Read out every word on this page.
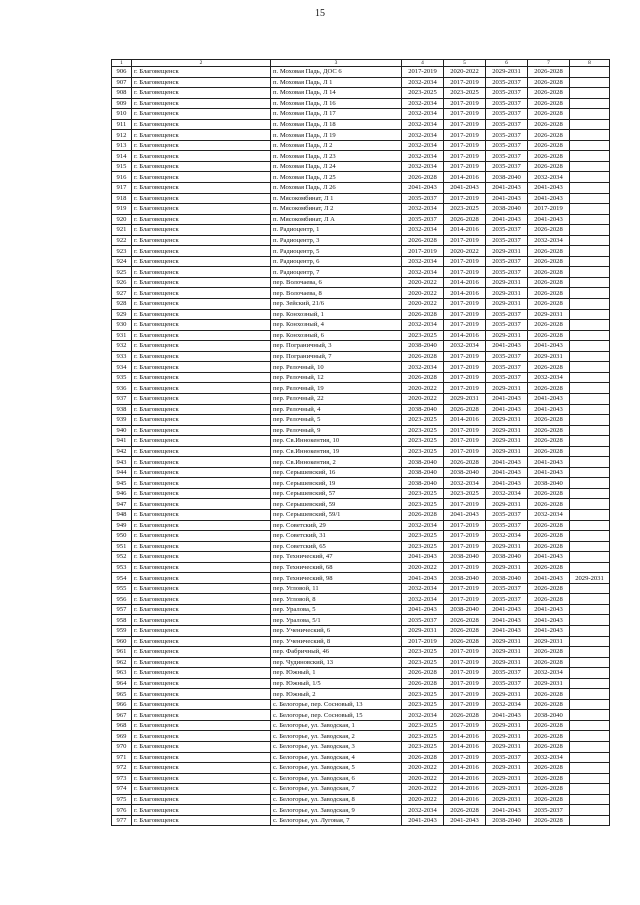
15
1	2	3	4	5	6	7	8
906	г. Благовещенск	п. Моховая Падь, ДОС 6	2017-2019	2020-2022	2029-2031	2026-2028	
907	г. Благовещенск	п. Моховая Падь, Л 1	2032-2034	2017-2019	2035-2037	2026-2028	
908	г. Благовещенск	п. Моховая Падь, Л 14	2023-2025	2023-2025	2035-2037	2026-2028	
909	г. Благовещенск	п. Моховая Падь, Л 16	2032-2034	2017-2019	2035-2037	2026-2028	
910	г. Благовещенск	п. Моховая Падь, Л 17	2032-2034	2017-2019	2035-2037	2026-2028	
911	г. Благовещенск	п. Моховая Падь, Л 18	2032-2034	2017-2019	2035-2037	2026-2028	
912	г. Благовещенск	п. Моховая Падь, Л 19	2032-2034	2017-2019	2035-2037	2026-2028	
913	г. Благовещенск	п. Моховая Падь, Л 2	2032-2034	2017-2019	2035-2037	2026-2028	
914	г. Благовещенск	п. Моховая Падь, Л 23	2032-2034	2017-2019	2035-2037	2026-2028	
915	г. Благовещенск	п. Моховая Падь, Л 24	2032-2034	2017-2019	2035-2037	2026-2028	
916	г. Благовещенск	п. Моховая Падь, Л 25	2026-2028	2014-2016	2038-2040	2032-2034	
917	г. Благовещенск	п. Моховая Падь, Л 26	2041-2043	2041-2043	2041-2043	2041-2043	
918	г. Благовещенск	п. Мясокомбинат, Л 1	2035-2037	2017-2019	2041-2043	2041-2043	
919	г. Благовещенск	п. Мясокомбинат, Л 2	2032-2034	2023-2025	2038-2040	2017-2019	
920	г. Благовещенск	п. Мясокомбинат, Л А	2035-2037	2026-2028	2041-2043	2041-2043	
921	г. Благовещенск	п. Радиоцентр, 1	2032-2034	2014-2016	2035-2037	2026-2028	
922	г. Благовещенск	п. Радиоцентр, 3	2026-2028	2017-2019	2035-2037	2032-2034	
923	г. Благовещенск	п. Радиоцентр, 5	2017-2019	2020-2022	2029-2031	2026-2028	
924	г. Благовещенск	п. Радиоцентр, 6	2032-2034	2017-2019	2035-2037	2026-2028	
925	г. Благовещенск	п. Радиоцентр, 7	2032-2034	2017-2019	2035-2037	2026-2028	
926	г. Благовещенск	пер. Волочаева, 6	2020-2022	2014-2016	2029-2031	2026-2028	
927	г. Благовещенск	пер. Волочаева, 8	2020-2022	2014-2016	2029-2031	2026-2028	
928	г. Благовещенск	пер. Зейский, 21/6	2020-2022	2017-2019	2029-2031	2026-2028	
929	г. Благовещенск	пер. Конхозный, 1	2026-2028	2017-2019	2035-2037	2029-2031	
930	г. Благовещенск	пер. Конхозный, 4	2032-2034	2017-2019	2035-2037	2026-2028	
931	г. Благовещенск	пер. Конхозный, 6	2023-2025	2014-2016	2029-2031	2026-2028	
932	г. Благовещенск	пер. Пограничный, 3	2038-2040	2032-2034	2041-2043	2041-2043	
933	г. Благовещенск	пер. Пограничный, 7	2026-2028	2017-2019	2035-2037	2029-2031	
934	г. Благовещенск	пер. Релочный, 10	2032-2034	2017-2019	2035-2037	2026-2028	
935	г. Благовещенск	пер. Релочный, 12	2026-2028	2017-2019	2035-2037	2032-2034	
936	г. Благовещенск	пер. Релочный, 19	2020-2022	2017-2019	2029-2031	2026-2028	
937	г. Благовещенск	пер. Релочный, 22	2020-2022	2029-2031	2041-2043	2041-2043	
938	г. Благовещенск	пер. Релочный, 4	2038-2040	2026-2028	2041-2043	2041-2043	
939	г. Благовещенск	пер. Релочный, 5	2023-2025	2014-2016	2029-2031	2026-2028	
940	г. Благовещенск	пер. Релочный, 9	2023-2025	2017-2019	2029-2031	2026-2028	
941	г. Благовещенск	пер. Св.Иннокентия, 10	2023-2025	2017-2019	2029-2031	2026-2028	
942	г. Благовещенск	пер. Св.Иннокентия, 19	2023-2025	2017-2019	2029-2031	2026-2028	
943	г. Благовещенск	пер. Св.Иннокентия, 2	2038-2040	2026-2028	2041-2043	2041-2043	
944	г. Благовещенск	пер. Серышевский, 16	2038-2040	2038-2040	2041-2043	2041-2043	
945	г. Благовещенск	пер. Серышевский, 19	2038-2040	2032-2034	2041-2043	2038-2040	
946	г. Благовещенск	пер. Серышевский, 57	2023-2025	2023-2025	2032-2034	2026-2028	
947	г. Благовещенск	пер. Серышевский, 59	2023-2025	2017-2019	2029-2031	2026-2028	
948	г. Благовещенск	пер. Серышевский, 59/1	2026-2028	2041-2043	2035-2037	2032-2034	
949	г. Благовещенск	пер. Советский, 29	2032-2034	2017-2019	2035-2037	2026-2028	
950	г. Благовещенск	пер. Советский, 31	2023-2025	2017-2019	2032-2034	2026-2028	
951	г. Благовещенск	пер. Советский, 65	2023-2025	2017-2019	2029-2031	2026-2028	
952	г. Благовещенск	пер. Технический, 47	2041-2043	2038-2040	2038-2040	2041-2043	
953	г. Благовещенск	пер. Технический, 68	2020-2022	2017-2019	2029-2031	2026-2028	
954	г. Благовещенск	пер. Технический, 98	2041-2043	2038-2040	2038-2040	2041-2043	2029-2031
955	г. Благовещенск	пер. Угловой, 11	2032-2034	2017-2019	2035-2037	2026-2028	
956	г. Благовещенск	пер. Угловой, 8	2032-2034	2017-2019	2035-2037	2026-2028	
957	г. Благовещенск	пер. Уралова, 5	2041-2043	2038-2040	2041-2043	2041-2043	
958	г. Благовещенск	пер. Уралова, 5/1	2035-2037	2026-2028	2041-2043	2041-2043	
959	г. Благовещенск	пер. Ученический, 6	2029-2031	2026-2028	2041-2043	2041-2043	
960	г. Благовещенск	пер. Ученический, 8	2017-2019	2026-2028	2029-2031	2029-2031	
961	г. Благовещенск	пер. Фабричный, 46	2023-2025	2017-2019	2029-2031	2026-2028	
962	г. Благовещенск	пер. Чудиновский, 13	2023-2025	2017-2019	2029-2031	2026-2028	
963	г. Благовещенск	пер. Южный, 1	2026-2028	2017-2019	2035-2037	2032-2034	
964	г. Благовещенск	пер. Южный, 1/5	2026-2028	2017-2019	2035-2037	2029-2031	
965	г. Благовещенск	пер. Южный, 2	2023-2025	2017-2019	2029-2031	2026-2028	
966	г. Благовещенск	с. Белогорье, пер. Сосновый, 13	2023-2025	2017-2019	2032-2034	2026-2028	
967	г. Благовещенск	с. Белогорье, пер. Сосновый, 15	2032-2034	2026-2028	2041-2043	2038-2040	
968	г. Благовещенск	с. Белогорье, ул. Заводская, 1	2023-2025	2017-2019	2029-2031	2026-2028	
969	г. Благовещенск	с. Белогорье, ул. Заводская, 2	2023-2025	2014-2016	2029-2031	2026-2028	
970	г. Благовещенск	с. Белогорье, ул. Заводская, 3	2023-2025	2014-2016	2029-2031	2026-2028	
971	г. Благовещенск	с. Белогорье, ул. Заводская, 4	2026-2028	2017-2019	2035-2037	2032-2034	
972	г. Благовещенск	с. Белогорье, ул. Заводская, 5	2020-2022	2014-2016	2029-2031	2026-2028	
973	г. Благовещенск	с. Белогорье, ул. Заводская, 6	2020-2022	2014-2016	2029-2031	2026-2028	
974	г. Благовещенск	с. Белогорье, ул. Заводская, 7	2020-2022	2014-2016	2029-2031	2026-2028	
975	г. Благовещенск	с. Белогорье, ул. Заводская, 8	2020-2022	2014-2016	2029-2031	2026-2028	
976	г. Благовещенск	с. Белогорье, ул. Заводская, 9	2032-2034	2026-2028	2041-2043	2035-2037	
977	г. Благовещенск	с. Белогорье, ул. Луговая, 7	2041-2043	2041-2043	2038-2040	2026-2028	
